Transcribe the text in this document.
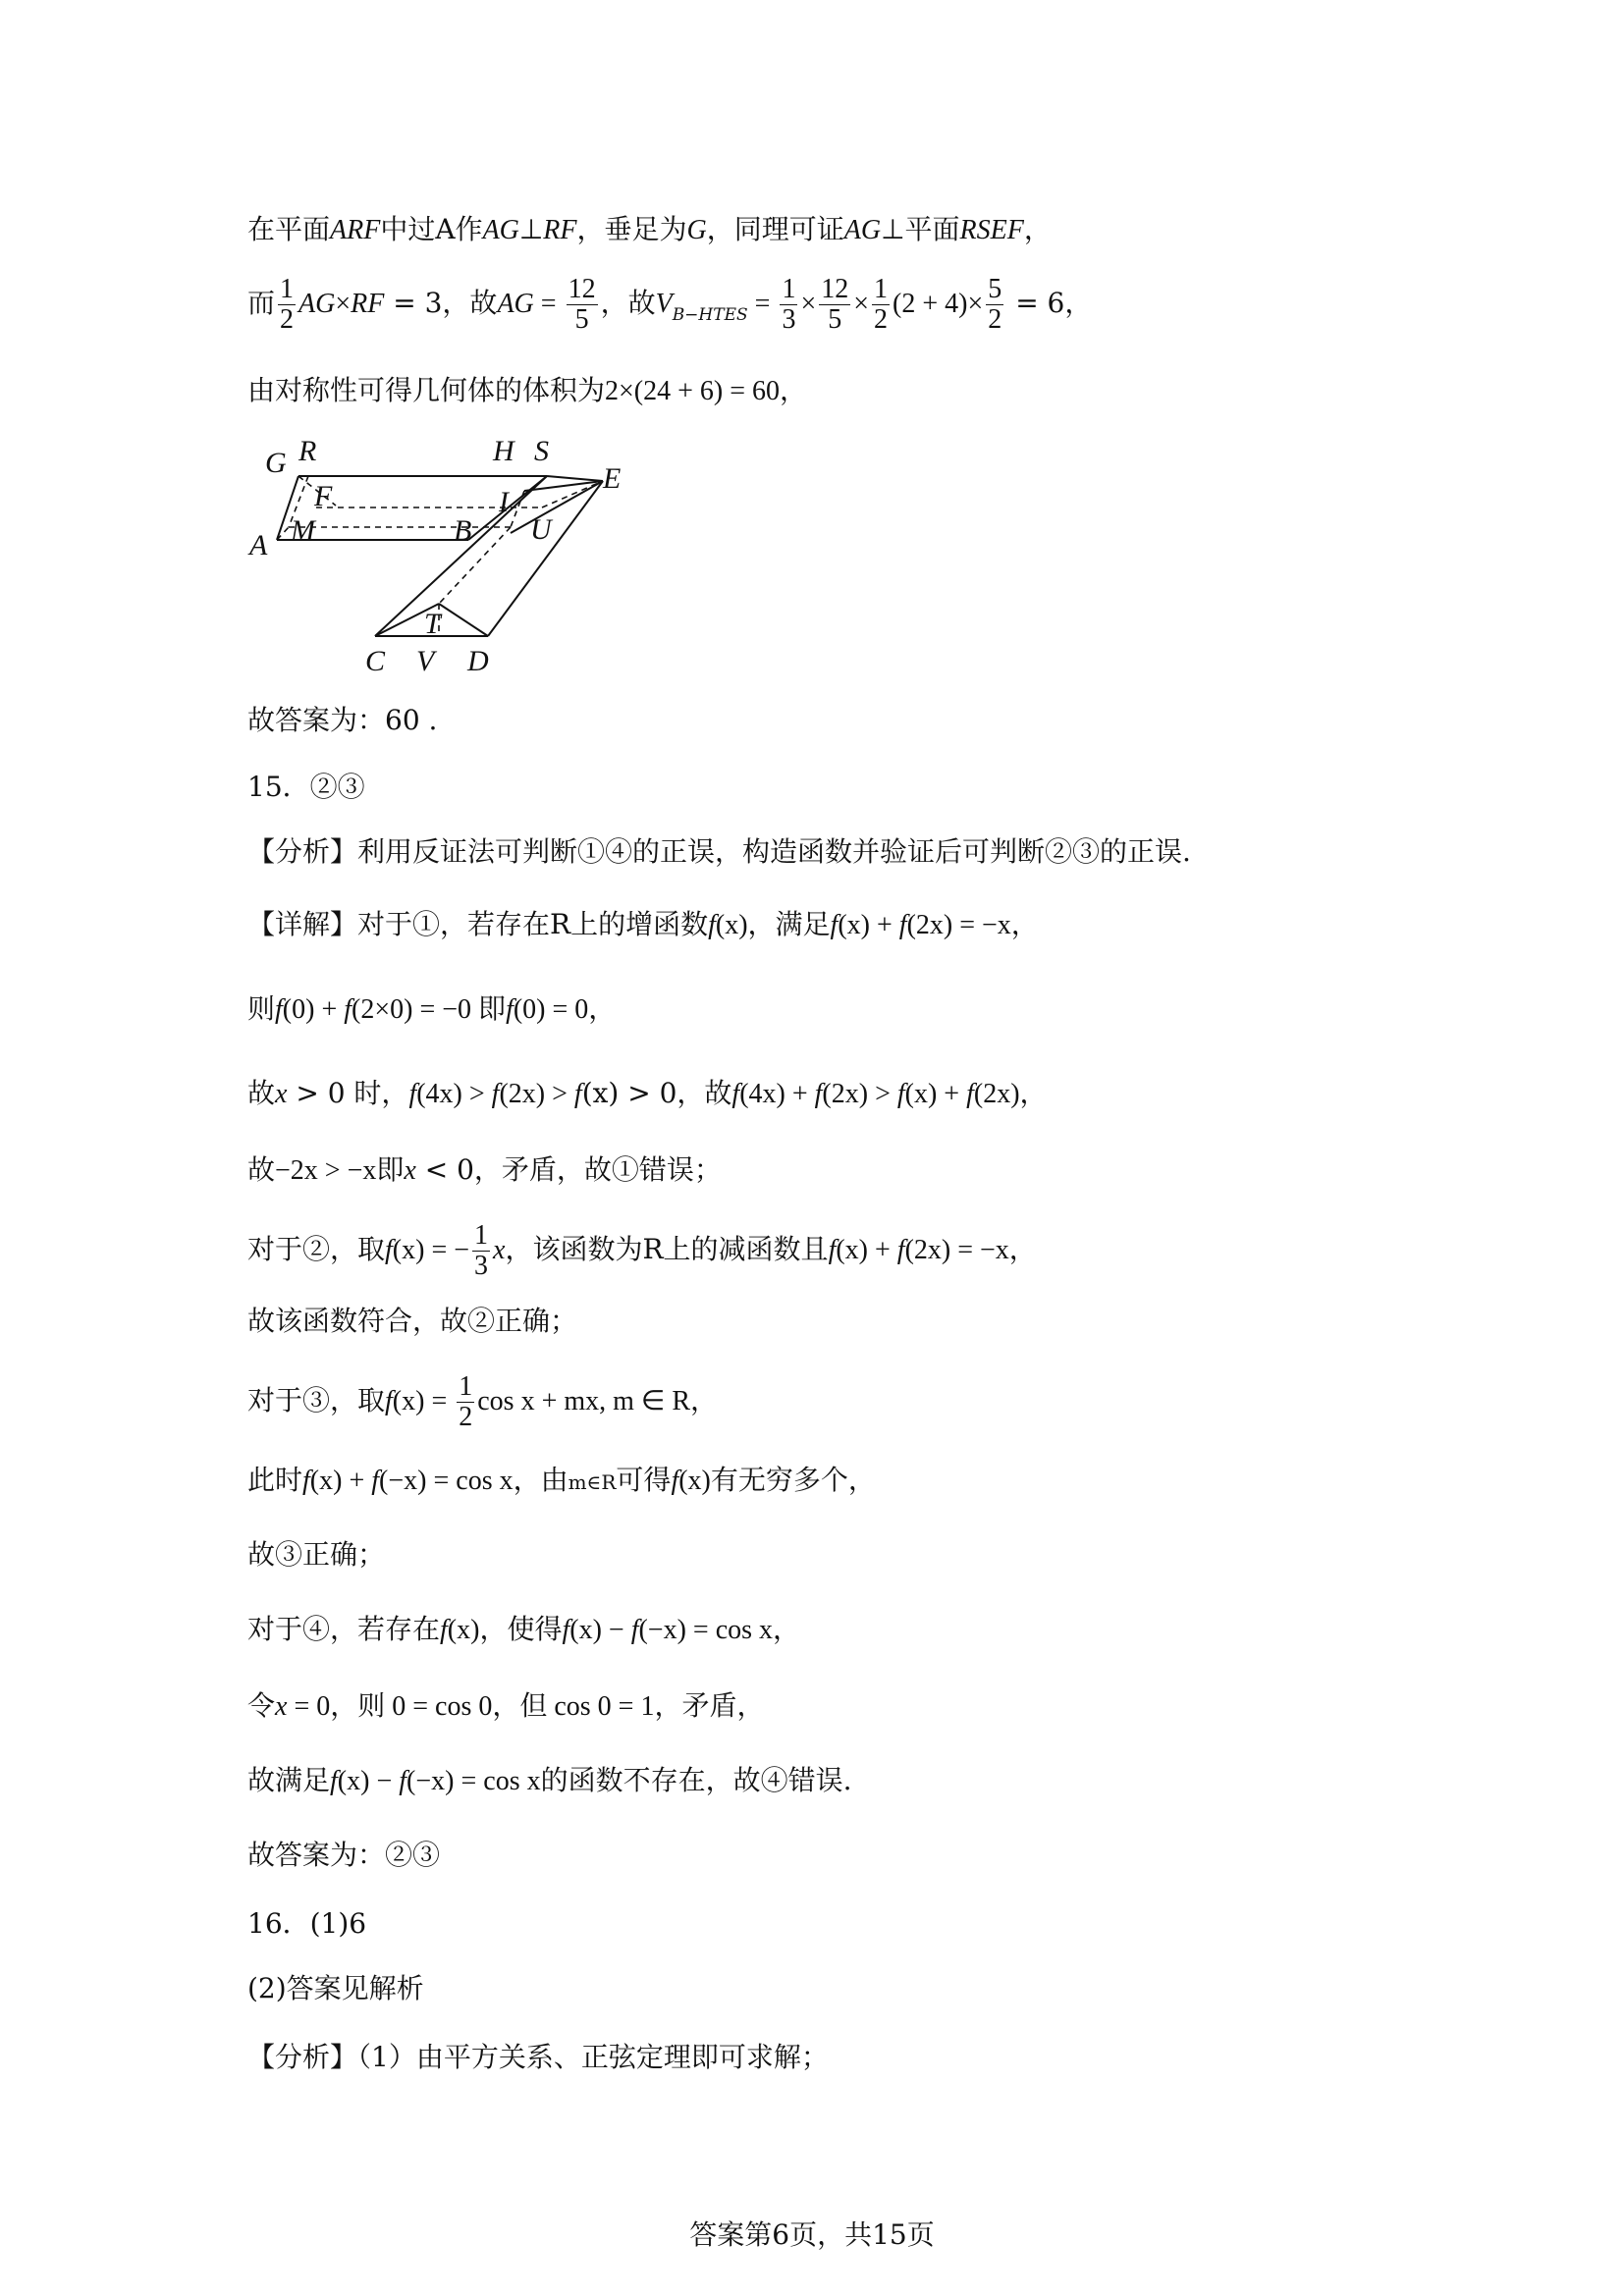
在平面ARF中过A作AG⊥RF，垂足为G，同理可证AG⊥平面RSEF，
而 $\frac{1}{2} AG\times RF = 3$，故AG = $\frac{12}{5}$ ，故$V_{B-HTES} = \frac{1}{3} \times \frac{12}{5} \times \frac{1}{2} (2 + 4)\times \frac{5}{2} = 6$，
由对称性可得几何体的体积为2×(24 + 6) = 60，
G R	H S
E
F
A M	B
I
U
T
C V D
故答案为：60 .
15．②③
【分析】利用反证法可判断①④的正误，构造函数并验证后可判断②③的正误.
【详解】对于①，若存在R上的增函数f(x)，满足f(x) + f(2x) = −x，
则f(0) + f(2×0) = −0 即f(0) = 0，
故x > 0 时，f(4x) > f(2x) > f(x) > 0，故f(4x) + f(2x) > f(x) + f(2x)，
故−2x > −x即x < 0，矛盾，故①错误；
对于②，取f(x) = − $\frac{1}{3}$ x，该函数为R上的减函数且f(x) + f(2x) = −x，
故该函数符合，故②正确；
对于③，取$f(x) = \frac{1}{2}$ cos x + mx, m ∈ R，
此时f(x) + f(−x) = cos x，由m∈R可得f(x)有无穷多个，
故③正确；
对于④，若存在f(x)，使得f(x) − f(−x) = cos x，
令x = 0，则 0 = cos 0，但 cos 0 = 1，矛盾，
故满足f(x) − f(−x) = cos x的函数不存在，故④错误.
故答案为：②③
16．(1)6
(2)答案见解析
【分析】（1）由平方关系、正弦定理即可求解；
答案第6页，共15页
